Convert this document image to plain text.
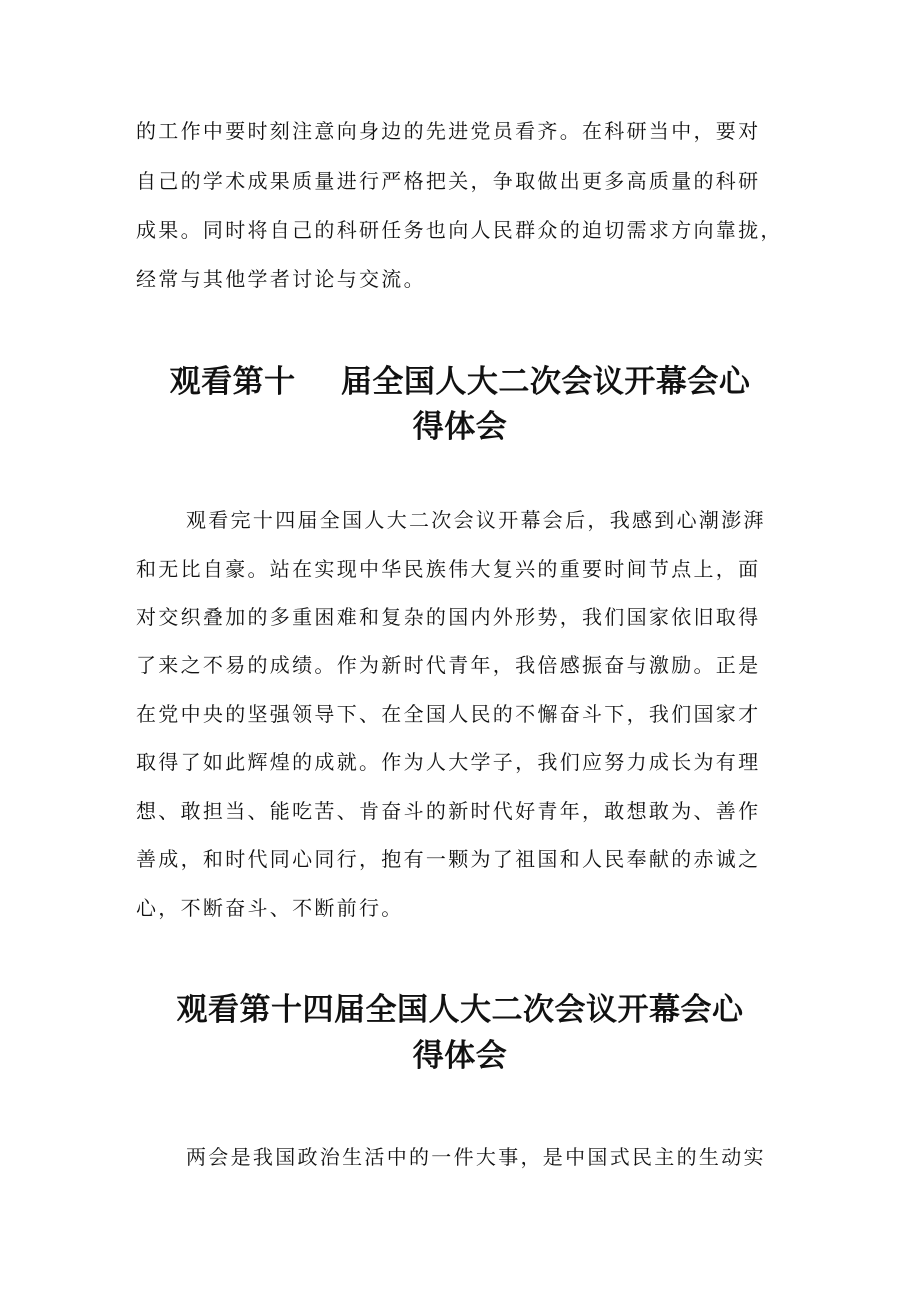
的工作中要时刻注意向身边的先进党员看齐。在科研当中，要对
自己的学术成果质量进行严格把关，争取做出更多高质量的科研
成果。同时将自己的科研任务也向人民群众的迫切需求方向靠拢，
经常与其他学者讨论与交流。
观看第十    届全国人大二次会议开幕会心
得体会
观看完十四届全国人大二次会议开幕会后，我感到心潮澎湃
和无比自豪。站在实现中华民族伟大复兴的重要时间节点上，面
对交织叠加的多重困难和复杂的国内外形势，我们国家依旧取得
了来之不易的成绩。作为新时代青年，我倍感振奋与激励。正是
在党中央的坚强领导下、在全国人民的不懈奋斗下，我们国家才
取得了如此辉煌的成就。作为人大学子，我们应努力成长为有理
想、敢担当、能吃苦、肯奋斗的新时代好青年，敢想敢为、善作
善成，和时代同心同行，抱有一颗为了祖国和人民奉献的赤诚之
心，不断奋斗、不断前行。
观看第十四届全国人大二次会议开幕会心
得体会
两会是我国政治生活中的一件大事，是中国式民主的生动实
